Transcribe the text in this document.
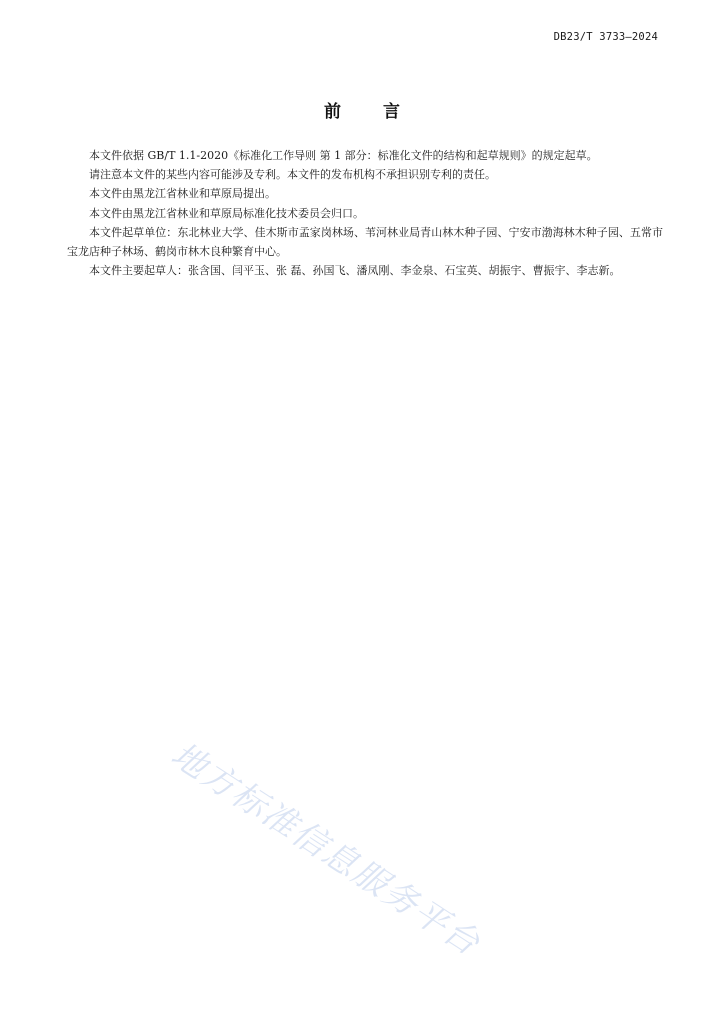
DB23/T 3733—2024
前 言

本文件依据 GB/T 1.1-2020《标准化工作导则 第 1 部分：标准化文件的结构和起草规则》的规定起草。

请注意本文件的某些内容可能涉及专利。本文件的发布机构不承担识别专利的责任。

本文件由黑龙江省林业和草原局提出。

本文件由黑龙江省林业和草原局标准化技术委员会归口。

本文件起草单位：东北林业大学、佳木斯市孟家岗林场、苇河林业局青山林木种子园、宁安市渤海林木种子园、五常市宝龙店种子林场、鹤岗市林木良种繁育中心。

本文件主要起草人：张含国、闫平玉、张 磊、孙国飞、潘凤刚、李金泉、石宝英、胡振宇、曹振宇、李志新。

地方标准信息服务平台
